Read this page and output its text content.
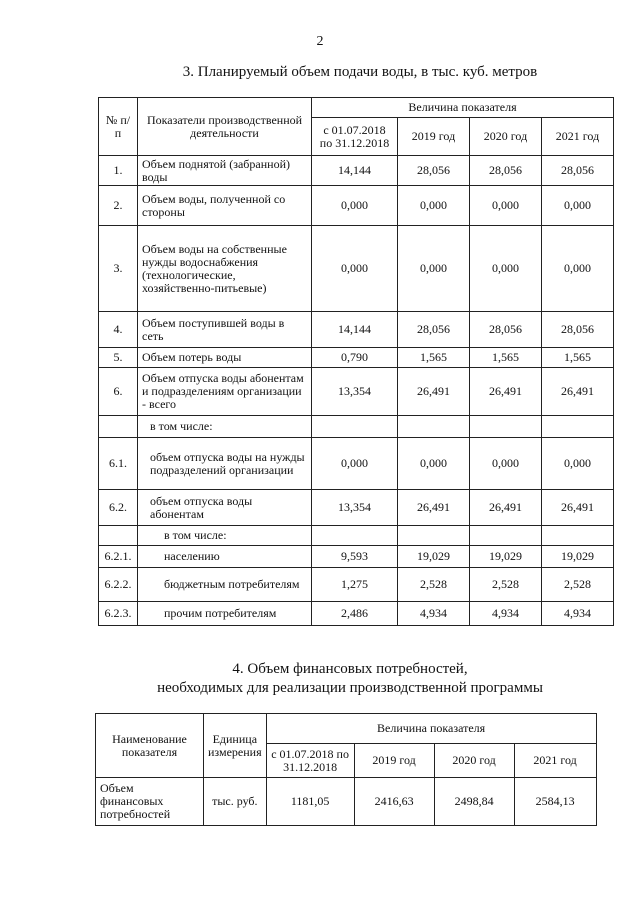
2
3. Планируемый объем подачи воды, в тыс. куб. метров
№ п/п	Показатели производственной деятельности	Величина показателя			
		с 01.07.2018 по 31.12.2018	2019 год	2020 год	2021 год
1.	Объем поднятой (забранной) воды	14,144	28,056	28,056	28,056
2.	Объем воды, полученной со стороны	0,000	0,000	0,000	0,000
3.	Объем воды на собственные нужды водоснабжения (технологические, хозяйственно-питьевые)	0,000	0,000	0,000	0,000
4.	Объем поступившей воды в сеть	14,144	28,056	28,056	28,056
5.	Объем потерь воды	0,790	1,565	1,565	1,565
6.	Объем отпуска воды абонентам и подразделениям организации - всего	13,354	26,491	26,491	26,491
	в том числе:				
6.1.	объем отпуска воды на нужды подразделений организации	0,000	0,000	0,000	0,000
6.2.	объем отпуска воды абонентам	13,354	26,491	26,491	26,491
	в том числе:				
6.2.1.	населению	9,593	19,029	19,029	19,029
6.2.2.	бюджетным потребителям	1,275	2,528	2,528	2,528
6.2.3.	прочим потребителям	2,486	4,934	4,934	4,934
4. Объем финансовых потребностей,
необходимых для реализации производственной программы
Наименование показателя	Единица измерения	Величина показателя			
		с 01.07.2018 по 31.12.2018	2019 год	2020 год	2021 год
Объем финансовых потребностей	тыс. руб.	1181,05	2416,63	2498,84	2584,13
